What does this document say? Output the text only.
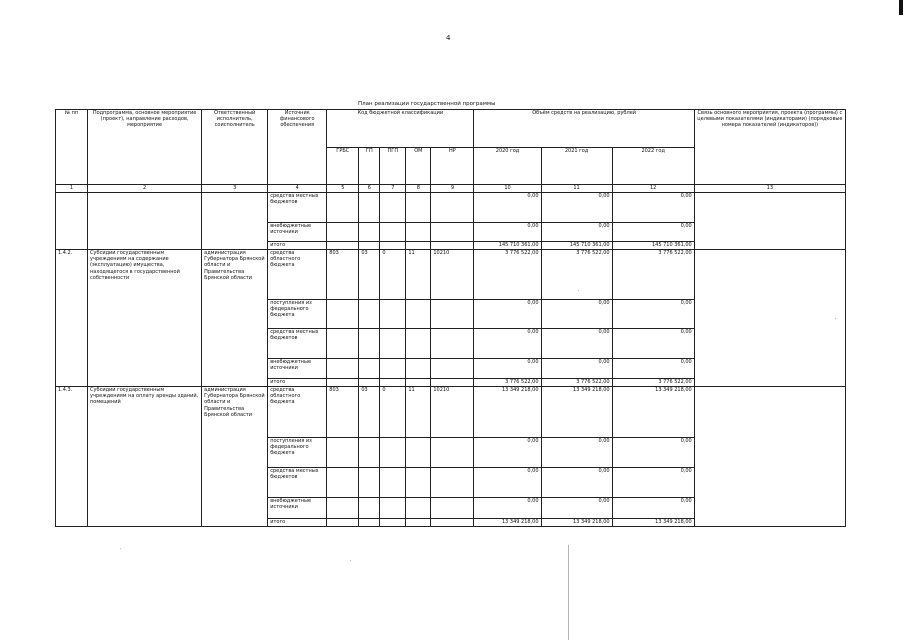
4
План реализации государственной программы
№ пп	Подпрограмма, основное мероприятие (проект), направление расходов, мероприятие	Ответственный исполнитель, соисполнитель	Источник финансового обеспечения	Код бюджетной классификации					Объём средств на реализацию, рублей			Связь основного мероприятия, проекта (программы) с целевыми показателями (индикаторами) (порядковые номера показателей (индикаторов))
				ГРБС	ГП	ПГП	ОМ	НР	2020 год	2021 год	2022 год	
1	2	3	4	5	6	7	8	9	10	11	12	13
			средства местных бюджетов						0,00	0,00	0,00	
			внебюджетные источники						0,00	0,00	0,00	
			итого						145 710 361,00	145 710 361,00	145 710 361,00	
1.4.2.	Субсидии государственным учреждениям на содержание (эксплуатацию) имущества, находящегося в государственной собственности	администрация Губернатора Брянской области и Правительства Брянской области	средства областного бюджета	803	03	0	11	10210	3 776 522,00	3 776 522,00	3 776 522,00	
			поступления из федерального бюджета						0,00	0,00	0,00	
			средства местных бюджетов						0,00	0,00	0,00	
			внебюджетные источники						0,00	0,00	0,00	
			итого						3 776 522,00	3 776 522,00	3 776 522,00	
1.4.3.	Субсидии государственным учреждениям на оплату аренды зданий, помещений	администрация Губернатора Брянской области и Правительства Брянской области	средства областного бюджета	803	03	0	11	10210	13 349 218,00	13 349 218,00	13 349 218,00	
			поступления из федерального бюджета						0,00	0,00	0,00	
			средства местных бюджетов						0,00	0,00	0,00	
			внебюджетные источники						0,00	0,00	0,00	
			итого						13 349 218,00	13 349 218,00	13 349 218,00	
